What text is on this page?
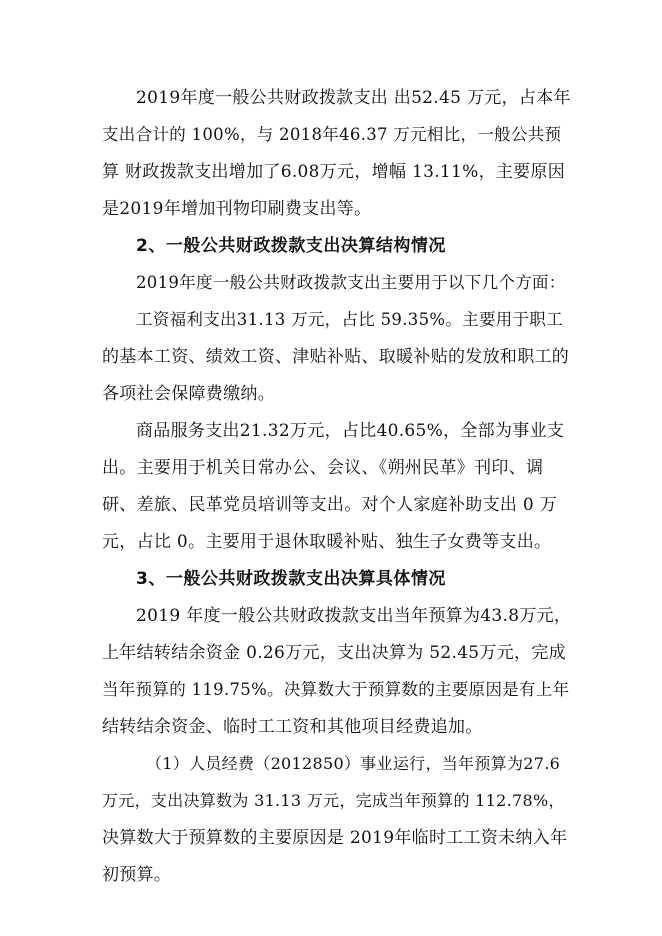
2019年度一般公共财政拨款支出 出52.45 万元，占本年
支出合计的 100%，与 2018年46.37 万元相比，一般公共预
算 财政拨款支出增加了6.08万元，增幅 13.11%，主要原因
是2019年增加刊物印刷费支出等。
2、一般公共财政拨款支出决算结构情况
2019年度一般公共财政拨款支出主要用于以下几个方面：
工资福利支出31.13 万元，占比 59.35%。主要用于职工
的基本工资、绩效工资、津贴补贴、取暖补贴的发放和职工的
各项社会保障费缴纳。
商品服务支出21.32万元，占比40.65%，全部为事业支
出。主要用于机关日常办公、会议、《朔州民革》刊印、调
研、差旅、民革党员培训等支出。对个人家庭补助支出 0 万
元，占比 0。主要用于退休取暖补贴、独生子女费等支出。
3、一般公共财政拨款支出决算具体情况
2019 年度一般公共财政拨款支出当年预算为43.8万元，
上年结转结余资金 0.26万元，支出决算为 52.45万元，完成
当年预算的 119.75%。决算数大于预算数的主要原因是有上年
结转结余资金、临时工工资和其他项目经费追加。
（1）人员经费（2012850）事业运行，当年预算为27.6
万元，支出决算数为 31.13 万元，完成当年预算的 112.78%，
决算数大于预算数的主要原因是 2019年临时工工资未纳入年
初预算。
